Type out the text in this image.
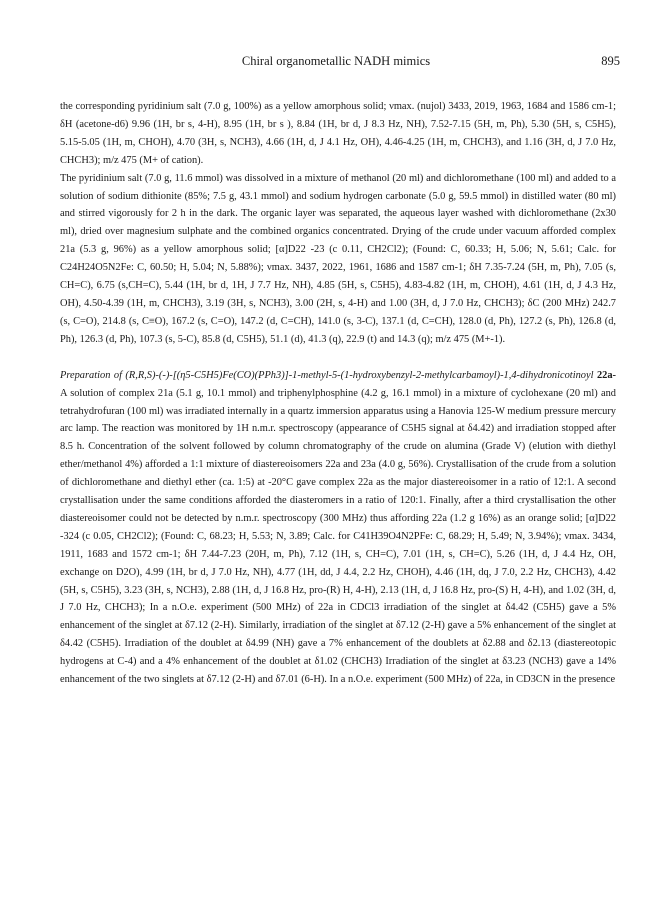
Chiral organometallic NADH mimics	895

the corresponding pyridinium salt (7.0 g, 100%) as a yellow amorphous solid; νmax. (nujol) 3433, 2019, 1963, 1684 and 1586 cm-1; δH (acetone-d6) 9.96 (1H, br s, 4-H), 8.95 (1H, br s ), 8.84 (1H, br d, J 8.3 Hz, NH), 7.52-7.15 (5H, m, Ph), 5.30 (5H, s, C5H5), 5.15-5.05 (1H, m, CHOH), 4.70 (3H, s, NCH3), 4.66 (1H, d, J 4.1 Hz, OH), 4.46-4.25 (1H, m, CHCH3), and 1.16 (3H, d, J 7.0 Hz, CHCH3); m/z 475 (M+ of cation).

The pyridinium salt (7.0 g, 11.6 mmol) was dissolved in a mixture of methanol (20 ml) and dichloromethane (100 ml) and added to a solution of sodium dithionite (85%; 7.5 g, 43.1 mmol) and sodium hydrogen carbonate (5.0 g, 59.5 mmol) in distilled water (80 ml) and stirred vigorously for 2 h in the dark. The organic layer was separated, the aqueous layer washed with dichloromethane (2x30 ml), dried over magnesium sulphate and the combined organics concentrated. Drying of the crude under vacuum afforded complex 21a (5.3 g, 96%) as a yellow amorphous solid; [α]D22 -23 (c 0.11, CH2Cl2); (Found: C, 60.33; H, 5.06; N, 5.61; Calc. for C24H24O5N2Fe: C, 60.50; H, 5.04; N, 5.88%); νmax. 3437, 2022, 1961, 1686 and 1587 cm-1; δH 7.35-7.24 (5H, m, Ph), 7.05 (s, CH=C), 6.75 (s,CH=C), 5.44 (1H, br d, 1H, J 7.7 Hz, NH), 4.85 (5H, s, C5H5), 4.83-4.82 (1H, m, CHOH), 4.61 (1H, d, J 4.3 Hz, OH), 4.50-4.39 (1H, m, CHCH3), 3.19 (3H, s, NCH3), 3.00 (2H, s, 4-H) and 1.00 (3H, d, J 7.0 Hz, CHCH3); δC (200 MHz) 242.7 (s, C=O), 214.8 (s, C≡O), 167.2 (s, C=O), 147.2 (d, C=CH), 141.0 (s, 3-C), 137.1 (d, C=CH), 128.0 (d, Ph), 127.2 (s, Ph), 126.8 (d, Ph), 126.3 (d, Ph), 107.3 (s, 5-C), 85.8 (d, C5H5), 51.1 (d), 41.3 (q), 22.9 (t) and 14.3 (q); m/z 475 (M+-1).

Preparation of (R,R,S)-(-)-[(η5-C5H5)Fe(CO)(PPh3)]-1-methyl-5-(1-hydroxybenzyl-2-methylcarbamoyl)-1,4-dihydronicotinoyl 22a- A solution of complex 21a (5.1 g, 10.1 mmol) and triphenylphosphine (4.2 g, 16.1 mmol) in a mixture of cyclohexane (20 ml) and tetrahydrofuran (100 ml) was irradiated internally in a quartz immersion apparatus using a Hanovia 125-W medium pressure mercury arc lamp. The reaction was monitored by 1H n.m.r. spectroscopy (appearance of C5H5 signal at δ4.42) and irradiation stopped after 8.5 h. Concentration of the solvent followed by column chromatography of the crude on alumina (Grade V) (elution with diethyl ether/methanol 4%) afforded a 1:1 mixture of diastereoisomers 22a and 23a (4.0 g, 56%). Crystallisation of the crude from a solution of dichloromethane and diethyl ether (ca. 1:5) at -20°C gave complex 22a as the major diastereoisomer in a ratio of 12:1. A second crystallisation under the same conditions afforded the diasteromers in a ratio of 120:1. Finally, after a third crystallisation the other diastereoisomer could not be detected by n.m.r. spectroscopy (300 MHz) thus affording 22a (1.2 g 16%) as an orange solid; [α]D22 -324 (c 0.05, CH2Cl2); (Found: C, 68.23; H, 5.53; N, 3.89; Calc. for C41H39O4N2PFe: C, 68.29; H, 5.49; N, 3.94%); νmax. 3434, 1911, 1683 and 1572 cm-1; δH 7.44-7.23 (20H, m, Ph), 7.12 (1H, s, CH=C), 7.01 (1H, s, CH=C), 5.26 (1H, d, J 4.4 Hz, OH, exchange on D2O), 4.99 (1H, br d, J 7.0 Hz, NH), 4.77 (1H, dd, J 4.4, 2.2 Hz, CHOH), 4.46 (1H, dq, J 7.0, 2.2 Hz, CHCH3), 4.42 (5H, s, C5H5), 3.23 (3H, s, NCH3), 2.88 (1H, d, J 16.8 Hz, pro-(R) H, 4-H), 2.13 (1H, d, J 16.8 Hz, pro-(S) H, 4-H), and 1.02 (3H, d, J 7.0 Hz, CHCH3); In a n.O.e. experiment (500 MHz) of 22a in CDCl3 irradiation of the singlet at δ4.42 (C5H5) gave a 5% enhancement of the singlet at δ7.12 (2-H). Similarly, irradiation of the singlet at δ7.12 (2-H) gave a 5% enhancement of the singlet at δ4.42 (C5H5). Irradiation of the doublet at δ4.99 (NH) gave a 7% enhancement of the doublets at δ2.88 and δ2.13 (diastereotopic hydrogens at C-4) and a 4% enhancement of the doublet at δ1.02 (CHCH3) Irradiation of the singlet at δ3.23 (NCH3) gave a 14% enhancement of the two singlets at δ7.12 (2-H) and δ7.01 (6-H). In a n.O.e. experiment (500 MHz) of 22a, in CD3CN in the presence
